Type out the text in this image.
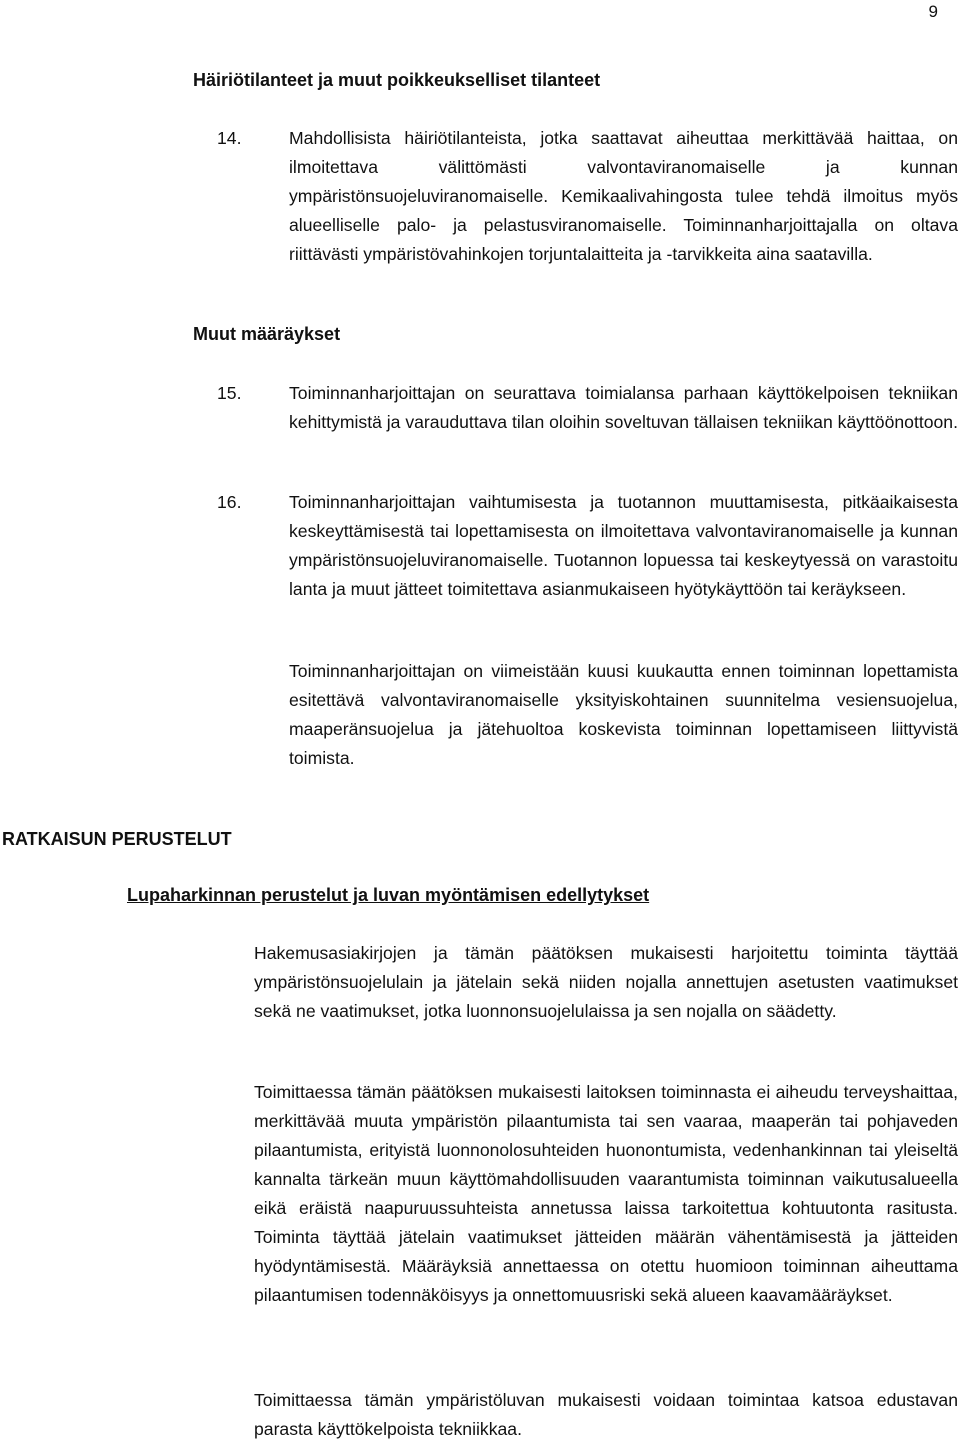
9
Häiriötilanteet ja muut poikkeukselliset tilanteet

14.	Mahdollisista häiriötilanteista, jotka saattavat aiheuttaa merkittävää haittaa, on ilmoitettava välittömästi valvontaviranomaiselle ja kunnan ympäristönsuojeluviranomaiselle. Kemikaalivahingosta tulee tehdä ilmoitus myös alueelliselle palo- ja pelastusviranomaiselle. Toiminnanharjoittajalla on oltava riittävästi ympäristövahinkojen torjuntalaitteita ja -tarvikkeita aina saatavilla.

Muut määräykset

15.	Toiminnanharjoittajan on seurattava toimialansa parhaan käyttökelpoisen tekniikan kehittymistä ja varauduttava tilan oloihin soveltuvan tällaisen tekniikan käyttöönottoon.

16.	Toiminnanharjoittajan vaihtumisesta ja tuotannon muuttamisesta, pitkäaikaisesta keskeyttämisestä tai lopettamisesta on ilmoitettava valvontaviranomaiselle ja kunnan ympäristönsuojeluviranomaiselle. Tuotannon lopuessa tai keskeytyessä on varastoitu lanta ja muut jätteet toimitettava asianmukaiseen hyötykäyttöön tai keräykseen.

Toiminnanharjoittajan on viimeistään kuusi kuukautta ennen toiminnan lopettamista esitettävä valvontaviranomaiselle yksityiskohtainen suunnitelma vesiensuojelua, maaperänsuojelua ja jätehuoltoa koskevista toiminnan lopettamiseen liittyvistä toimista.

RATKAISUN PERUSTELUT
Lupaharkinnan perustelut ja luvan myöntämisen edellytykset

Hakemusasiakirjojen ja tämän päätöksen mukaisesti harjoitettu toiminta täyttää ympäristönsuojelulain ja jätelain sekä niiden nojalla annettujen asetusten vaatimukset sekä ne vaatimukset, jotka luonnonsuojelulaissa ja sen nojalla on säädetty.

Toimittaessa tämän päätöksen mukaisesti laitoksen toiminnasta ei aiheudu terveyshaittaa, merkittävää muuta ympäristön pilaantumista tai sen vaaraa, maaperän tai pohjaveden pilaantumista, erityistä luonnonolosuhteiden huonontumista, vedenhankinnan tai yleiseltä kannalta tärkeän muun käyttömahdollisuuden vaarantumista toiminnan vaikutusalueella eikä eräistä naapuruussuhteista annetussa laissa tarkoitettua kohtuutonta rasitusta. Toiminta täyttää jätelain vaatimukset jätteiden määrän vähentämisestä ja jätteiden hyödyntämisestä. Määräyksiä annettaessa on otettu huomioon toiminnan aiheuttama pilaantumisen todennäköisyys ja onnettomuusriski sekä alueen kaavamääräykset.

Toimittaessa tämän ympäristöluvan mukaisesti voidaan toimintaa katsoa edustavan parasta käyttökelpoista tekniikkaa.
